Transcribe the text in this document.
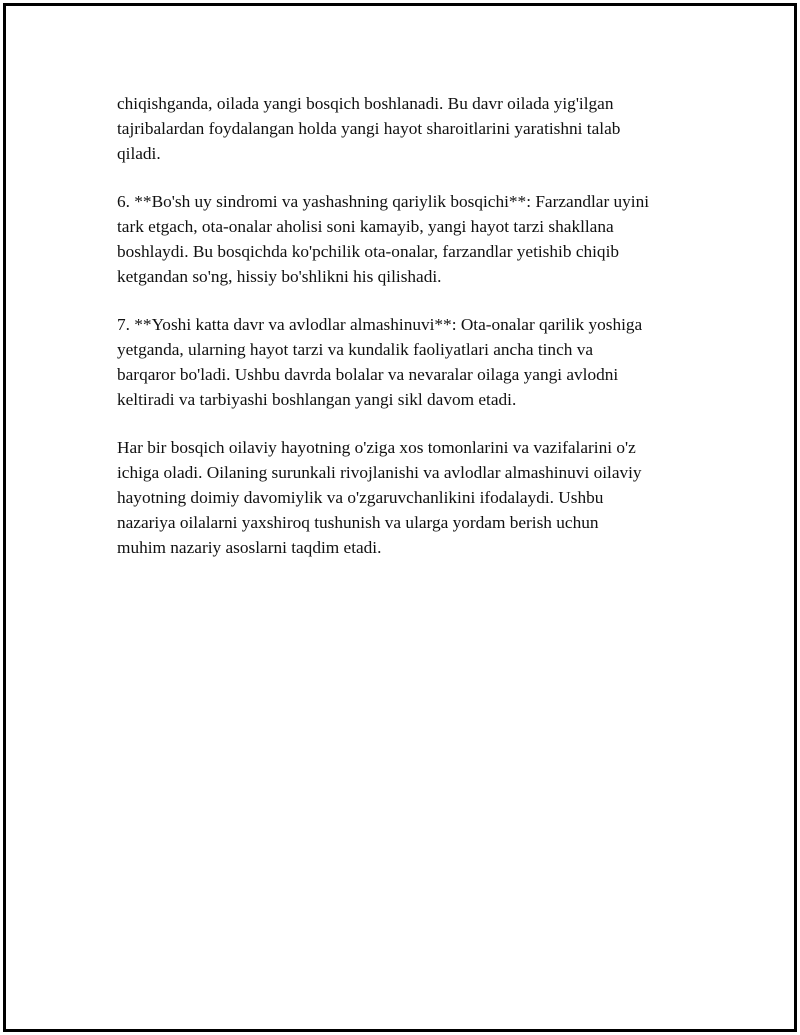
chiqishganda, oilada yangi bosqich boshlanadi. Bu davr oilada yig'ilgan
tajribalardan foydalangan holda yangi hayot sharoitlarini yaratishni talab
qiladi.

6. **Bo'sh uy sindromi va yashashning qariylik bosqichi**: Farzandlar uyini
tark etgach, ota-onalar aholisi soni kamayib, yangi hayot tarzi shakllana
boshlaydi. Bu bosqichda ko'pchilik ota-onalar, farzandlar yetishib chiqib
ketgandan so'ng, hissiy bo'shlikni his qilishadi.

7. **Yoshi katta davr va avlodlar almashinuvi**: Ota-onalar qarilik yoshiga
yetganda, ularning hayot tarzi va kundalik faoliyatlari ancha tinch va
barqaror bo'ladi. Ushbu davrda bolalar va nevaralar oilaga yangi avlodni
keltiradi va tarbiyashi boshlangan yangi sikl davom etadi.

Har bir bosqich oilaviy hayotning o'ziga xos tomonlarini va vazifalarini o'z
ichiga oladi. Oilaning surunkali rivojlanishi va avlodlar almashinuvi oilaviy
hayotning doimiy davomiylik va o'zgaruvchanlikini ifodalaydi. Ushbu
nazariya oilalarni yaxshiroq tushunish va ularga yordam berish uchun
muhim nazariy asoslarni taqdim etadi.
